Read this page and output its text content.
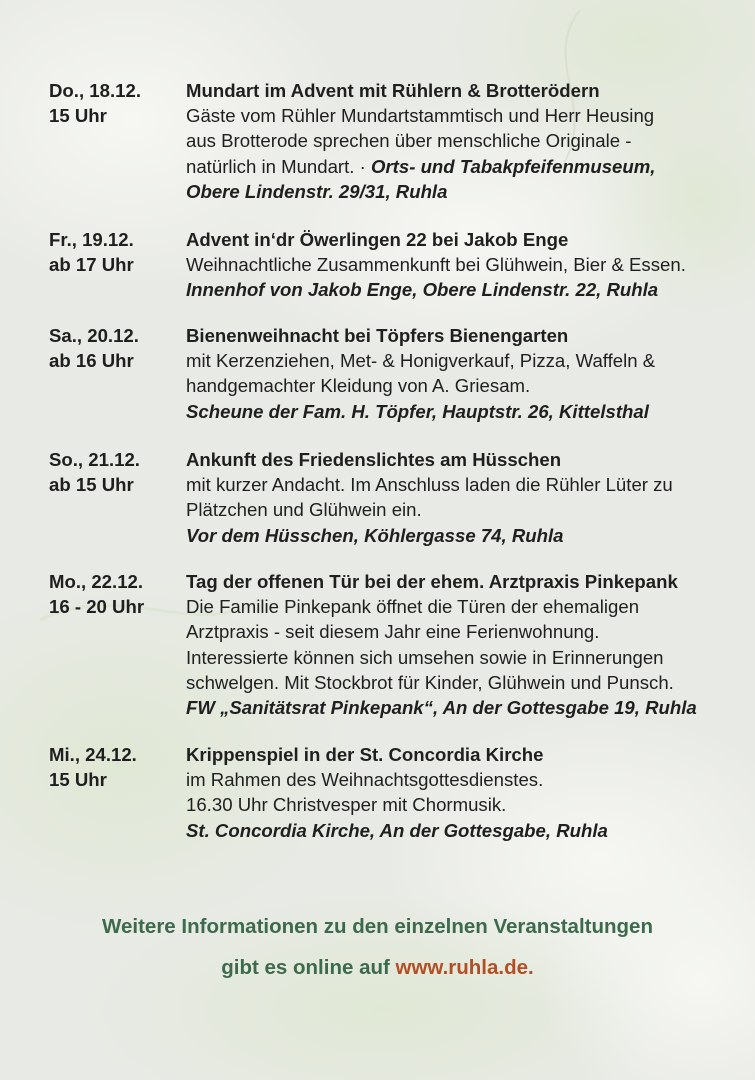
Do., 18.12.
15 Uhr
Mundart im Advent mit Rühlern & Brotterödern
Gäste vom Rühler Mundartstammtisch und Herr Heusing
aus Brotterode sprechen über menschliche Originale -
natürlich in Mundart. · Orts- und Tabakpfeifenmuseum,
Obere Lindenstr. 29/31, Ruhla
Fr., 19.12.
ab 17 Uhr
Advent in‘dr Öwerlingen 22 bei Jakob Enge
Weihnachtliche Zusammenkunft bei Glühwein, Bier & Essen.
Innenhof von Jakob Enge, Obere Lindenstr. 22, Ruhla
Sa., 20.12.
ab 16 Uhr
Bienenweihnacht bei Töpfers Bienengarten
mit Kerzenziehen, Met- & Honigverkauf, Pizza, Waffeln &
handgemachter Kleidung von A. Griesam.
Scheune der Fam. H. Töpfer, Hauptstr. 26, Kittelsthal
So., 21.12.
ab 15 Uhr
Ankunft des Friedenslichtes am Hüsschen
mit kurzer Andacht. Im Anschluss laden die Rühler Lüter zu
Plätzchen und Glühwein ein.
Vor dem Hüsschen, Köhlergasse 74, Ruhla
Mo., 22.12.
16 - 20 Uhr
Tag der offenen Tür bei der ehem. Arztpraxis Pinkepank
Die Familie Pinkepank öffnet die Türen der ehemaligen
Arztpraxis - seit diesem Jahr eine Ferienwohnung.
Interessierte können sich umsehen sowie in Erinnerungen
schwelgen. Mit Stockbrot für Kinder, Glühwein und Punsch.
FW „Sanitätsrat Pinkepank“, An der Gottesgabe 19, Ruhla
Mi., 24.12.
15 Uhr
Krippenspiel in der St. Concordia Kirche
im Rahmen des Weihnachtsgottesdienstes.
16.30 Uhr Christvesper mit Chormusik.
St. Concordia Kirche, An der Gottesgabe, Ruhla
Weitere Informationen zu den einzelnen Veranstaltungen
gibt es online auf www.ruhla.de.
